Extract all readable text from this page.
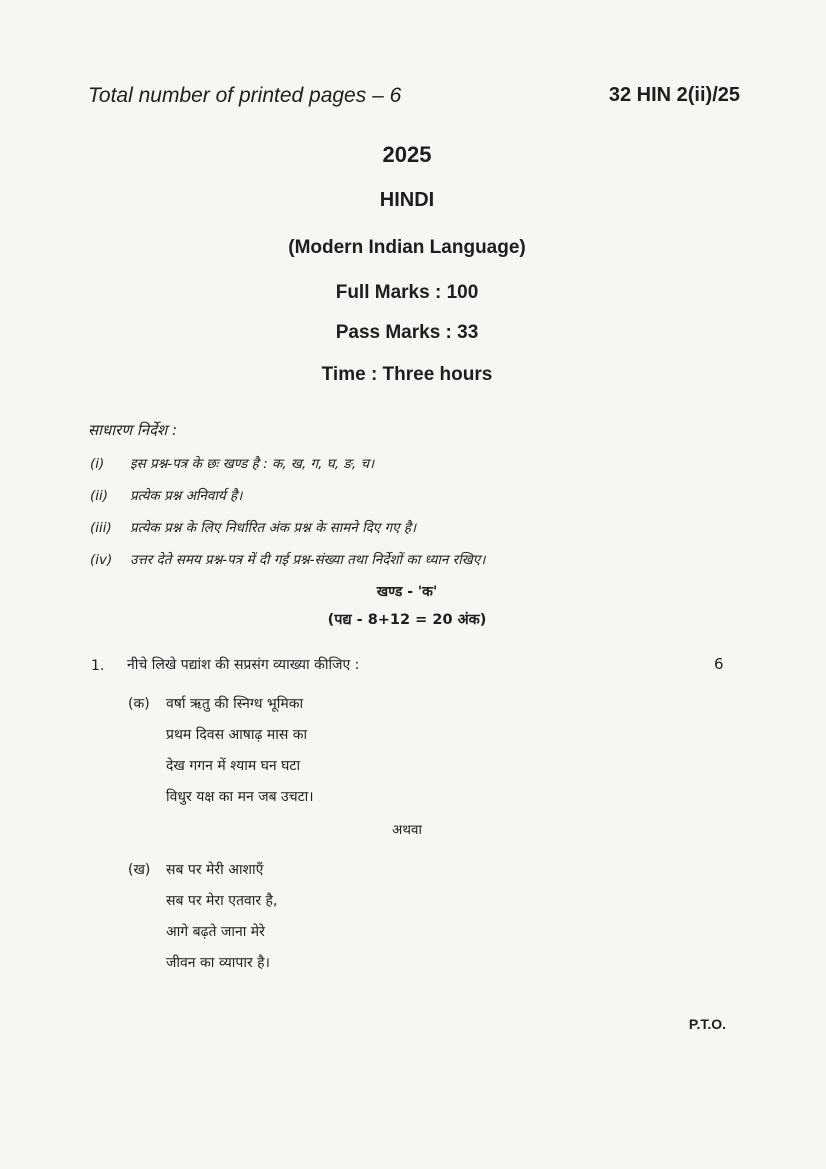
Total number of printed pages – 6	32 HIN 2(ii)/25
2025
HINDI
(Modern Indian Language)
Full Marks : 100
Pass Marks : 33
Time : Three hours
साधारण निर्देश :
(i) इस प्रश्न-पत्र के छः खण्ड है : क, ख, ग, घ, ङ, च।
(ii) प्रत्येक प्रश्न अनिवार्य है।
(iii) प्रत्येक प्रश्न के लिए निर्धारित अंक प्रश्न के सामने दिए गए है।
(iv) उत्तर देते समय प्रश्न-पत्र में दी गई प्रश्न-संख्या तथा निर्देशों का ध्यान रखिए।
खण्ड - 'क'
(पद्य - 8+12 = 20 अंक)
1. नीचे लिखे पद्यांश की सप्रसंग व्याख्या कीजिए :	6
(क) वर्षा ऋतु की स्निग्ध भूमिका
प्रथम दिवस आषाढ़ मास का
देख गगन में श्याम घन घटा
विधुर यक्ष का मन जब उचटा।
अथवा
(ख) सब पर मेरी आशाएँ
सब पर मेरा एतवार है,
आगे बढ़ते जाना मेरे
जीवन का व्यापार है।
P.T.O.
